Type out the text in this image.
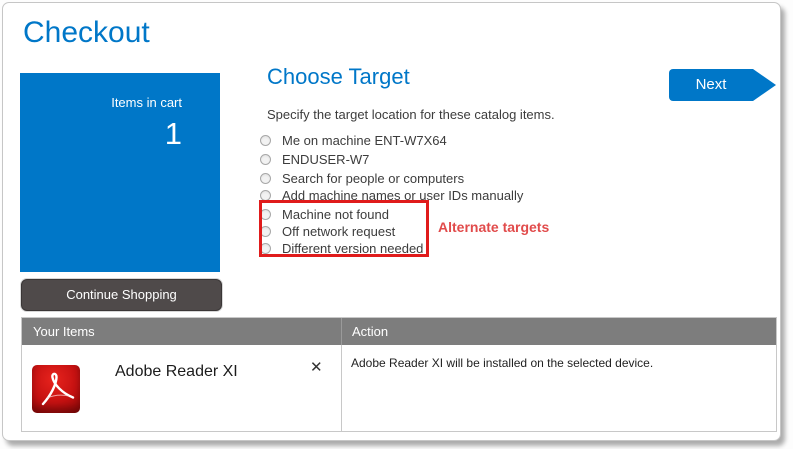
Checkout
Items in cart
1
Continue Shopping
Choose Target
Specify the target location for these catalog items.
Me on machine ENT-W7X64
ENDUSER-W7
Search for people or computers
Add machine names or user IDs manually
Machine not found
Off network request
Different version needed
Alternate targets
Next
Your Items	Action
Adobe Reader XI	✕ Adobe Reader XI will be installed on the selected device.
